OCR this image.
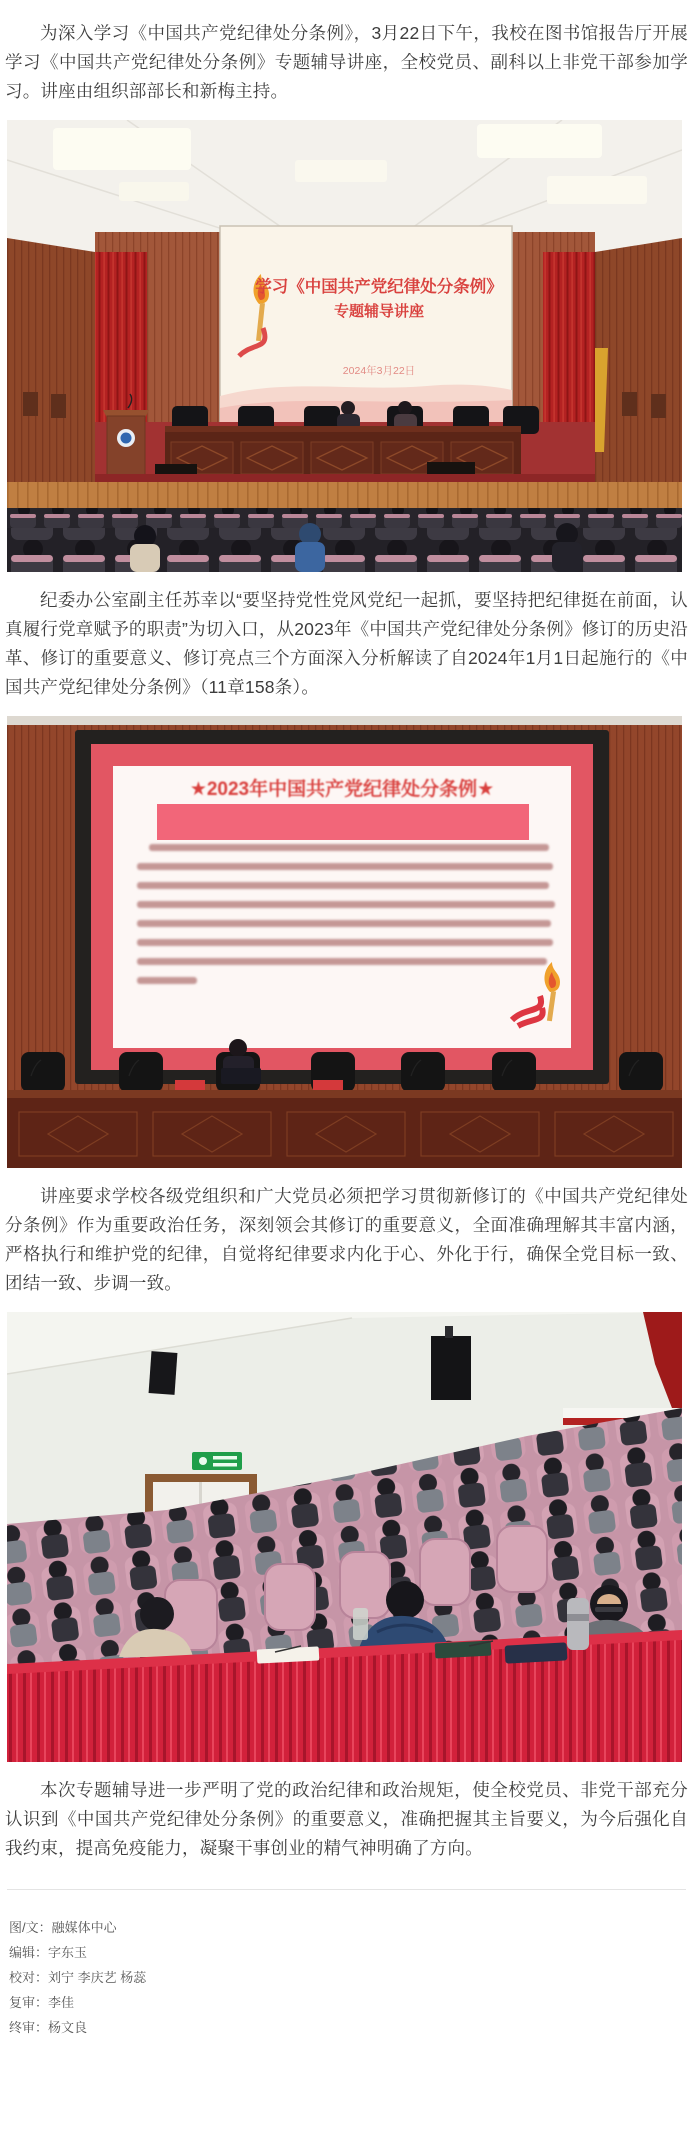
为深入学习《中国共产党纪律处分条例》，3月22日下午，我校在图书馆报告厅开展学习《中国共产党纪律处分条例》专题辅导讲座，全校党员、副科以上非党干部参加学习。讲座由组织部部长和新梅主持。

学习《中国共产党纪律处分条例》
专题辅导讲座
2024年3月22日

纪委办公室副主任苏幸以“要坚持党性党风党纪一起抓，要坚持把纪律挺在前面，认真履行党章赋予的职责”为切入口，从2023年《中国共产党纪律处分条例》修订的历史沿革、修订的重要意义、修订亮点三个方面深入分析解读了自2024年1月1日起施行的《中国共产党纪律处分条例》（11章158条）。

★2023年中国共产党纪律处分条例★

讲座要求学校各级党组织和广大党员必须把学习贯彻新修订的《中国共产党纪律处分条例》作为重要政治任务，深刻领会其修订的重要意义，全面准确理解其丰富内涵，严格执行和维护党的纪律，自觉将纪律要求内化于心、外化于行，确保全党目标一致、团结一致、步调一致。

本次专题辅导进一步严明了党的政治纪律和政治规矩，使全校党员、非党干部充分认识到《中国共产党纪律处分条例》的重要意义，准确把握其主旨要义，为今后强化自我约束，提高免疫能力，凝聚干事创业的精气神明确了方向。

图/文：融媒体中心
编辑：字东玉
校对：刘宁 李庆艺 杨蕊
复审：李佳
终审：杨文良
